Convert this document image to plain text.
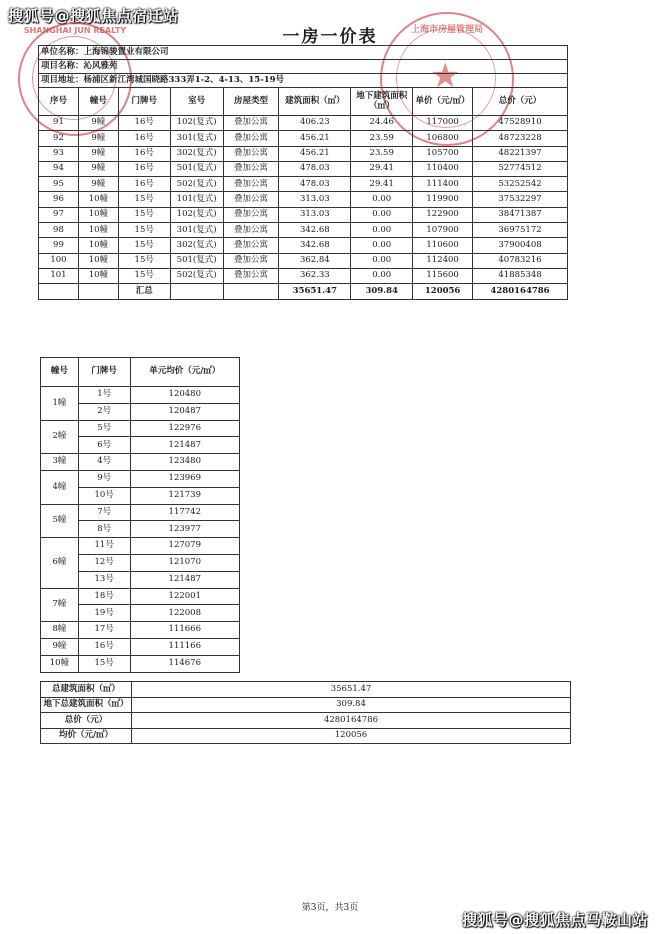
搜狐号@搜狐焦点宿迁站
SHANGHAI JUN REALTY	上海市房屋管理局
★
一房一价表
单位名称：上海锦骏置业有限公司								
项目名称：沁风雅苑								
项目地址：杨浦区新江湾城国晓路333弄1-2、4-13、15-19号								
序号	幢号	门牌号	室号	房屋类型	建筑面积（㎡）	地下建筑面积（㎡）	单价（元/㎡）	总价（元）
91	9幢	16号	102(复式)	叠加公寓	406.23	24.46	117000	47528910
92	9幢	16号	301(复式)	叠加公寓	456.21	23.59	106800	48723228
93	9幢	16号	302(复式)	叠加公寓	456.21	23.59	105700	48221397
94	9幢	16号	501(复式)	叠加公寓	478.03	29.41	110400	52774512
95	9幢	16号	502(复式)	叠加公寓	478.03	29.41	111400	53252542
96	10幢	15号	101(复式)	叠加公寓	313.03	0.00	119900	37532297
97	10幢	15号	102(复式)	叠加公寓	313.03	0.00	122900	38471387
98	10幢	15号	301(复式)	叠加公寓	342.68	0.00	107900	36975172
99	10幢	15号	302(复式)	叠加公寓	342.68	0.00	110600	37900408
100	10幢	15号	501(复式)	叠加公寓	362.84	0.00	112400	40783216
101	10幢	15号	502(复式)	叠加公寓	362.33	0.00	115600	41885348
		汇总			35651.47	309.84	120056	4280164786
幢号	门牌号	单元均价（元/㎡）
1幢	1号	120480
	2号	120487
2幢	5号	122976
	6号	121487
3幢	4号	123480
4幢	9号	123969
	10号	121739
5幢	7号	117742
	8号	123977
6幢	11号	127079
	12号	121070
	13号	121487
7幢	18号	122001
	19号	122008
8幢	17号	111666
9幢	16号	111166
10幢	15号	114676
总建筑面积（㎡）	35651.47
地下总建筑面积（㎡）	309.84
总价（元）	4280164786
均价（元/㎡）	120056
第3页，共3页
搜狐号@搜狐焦点马鞍山站
